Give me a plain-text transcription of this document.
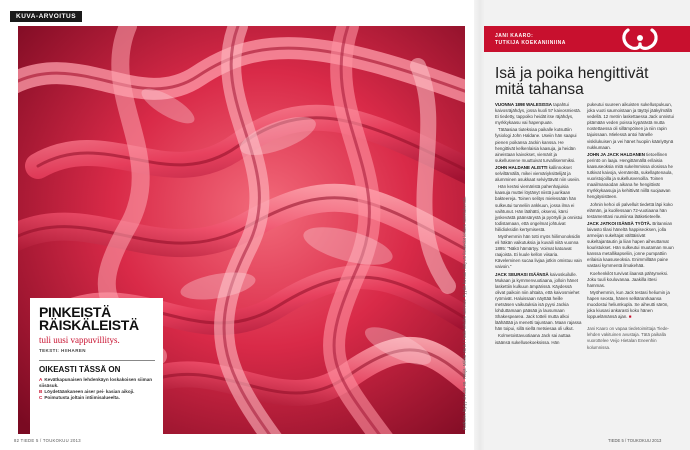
KUVA-ARVOITUS
Ratkaisu löytyy sivulta 98. Tekijä: Mikko Varis / Tiede-lehden toimitus. Pyydä kuvaan liittyvät lisätiedot lehden toimituksesta.
PINKEISTÄ
RÄISKÄLEISTÄ
tuli uusi vappuvillitys.
TEKSTI: HIIHAREN
OIKEASTI TÄSSÄ ON
A Kevätkapunaisen lehdenkäyn loskakoisen siiman siisäsuk.
B Löydetäänkaneen aiser pei- kasian aikoji.
C Poimutusta joltain intiimisalueelta.
82 TIEDE 5 / TOUKOKUU 2013
JANI KAARO:
TUTKIJA KOEKANIINIINA
Isä ja poika hengittivät mitä tahansa

VUONNA 1898 WALESISSA tapahtui kaivosräjähdys, jossa kuoli 57 kaivosmiestä. Ei tiedetty, tappoiko heidät itse räjähdys, myrkkykaasu vai hapenpuute.

Tätäasiaa tiuteksiaa paikalle kutsuttiin fysiologi John Haldane. Useiin hän saapui pienen poikansa Jackin kanssa. He hengittivät kelkenlaisia kaasuja, ja heidän aineistaan kaivokset, viemärit ja sukellusvene muuttuivat turvallisemmiksi.

JOHN HALDANE ALISTTI kallinnokset selviltämällä, mikei viemäriyksittelijät ja alumminen asukkaat selviyttävät niin useiin.

Hän keräsi viemäristä pahenhajuisia kaasuja muttei löytänyt niistä juurikaan bakteereja. Toinen selitys mielessään hän sulkeutui tunneliin ankkuun, jossa ilma ei vaihtunut. Hän läähätti, oksensi, kärsi jyskevästä päänsärystä ja pyörtyili ja onnistui todistamaan, että ongelmat johtuivat hiilidioksidin kertymisestä.

Myöhemmin hän totti myös hiilimonoksidin eli häkän vaikutuksia ja kuvaili niitä vuonna 1895: "Näkö hämärtyy. Voimat katoavat raajoista. Ei kuule kellon viisaria. Käveleminen sucaa livjaa jotkin omistuu vain vaivoin."

JACK SEURASI ISÄÄNSÄ kaivoskuilulle. Mukaan ja kymmenvuotiaana, jolloin hänet laskettiin kulkuun ämpärissä. Käydessä olivat paikoin niin ahtaita, että kaivosmiehet ryömivät. Haluissaan näyttää heille metsäsen vaikutuksia isä pyysi Jackia lohduttamaan pääsää ja lausumaan Shakespearea. Jack totteli mutta alkoi läähättää ja menetti tajuntaan. Maan rajassa hän toipui, sillä siellä metsiesaa oli ulkut.

Kolmetoistavuotiaana Jack sai auttaa isäänsä sukellusekoeksissa. Hän

pukeutui suureen aikuisten sukelluspukuun, joka vuoti saumoistaan ja täyttyi jääkylmällä vedellä. 12 metrin laskettaessa Jack onnistui pitämään veden poissa kypärästä mutta nostettaessa oli sillämpöinen ja niin rapin tajuissaan. Mielessä antoi hänelle viskilukuisen ja vei hänet huopiin kääriyttynä nukkumaan.

JOHN JA JACK HALDANEN tietoellinen perintö on laaja. Hengittämällä erilaisia kaasuseoksia mitä sukelmmissa olosissa he tutkivat kaivoja, viemäreitä, sukellaptenaula, vuoristojoilla ja sukellusvenoilla. Toinen maailmanaodan aikana he hengittivät myrkkykaasuja ja kehittivät niillä suojaavan hengitysistteen.

Johnin kehoi oli palvelluit tiedettä läpi koko elämän, ja kuollessaan 72-vuotiaana hän testamenttasi ruumiinsa lääketieteelle.

JACK JATKOI ISÄNSÄ TYÖTÄ. Britannian laivasto tilasi häneltä happiseoksen, jolla armeijan sukeltajat välttäisivät sukeltajantautin ja liian hapen aiheuttamat kouristukset. Hän sulkeutui muutaman muun kanssa metallikapseliin, jonne pumpattiin erilaisia kaasuseoksia. Enimmillään paine vastasi kymmentä ilmakehää.

Koehenkilöt turvivat ilaansä pähtymeksi. Joku tuuli kouluvanaa. Jaakilla ittesi hammas.

Myöhemmin, kun Jack testasi heliumin ja hapen seosta, hänen selkäranrkaansa muodostui heliumkupla. Se aiheutti särön, joka kiusasi ankarasti koko hänen loppuelämänsä ajan. ■

Jani Kaaro on vapaa tiedetoimittaja Tiede-lehden vakituinen avustaja. Tätä paikalla vuorottelee Veijo Hietalan Eneenhin kolumnissa.

TIEDE 5 / TOUKOKUU 2013
